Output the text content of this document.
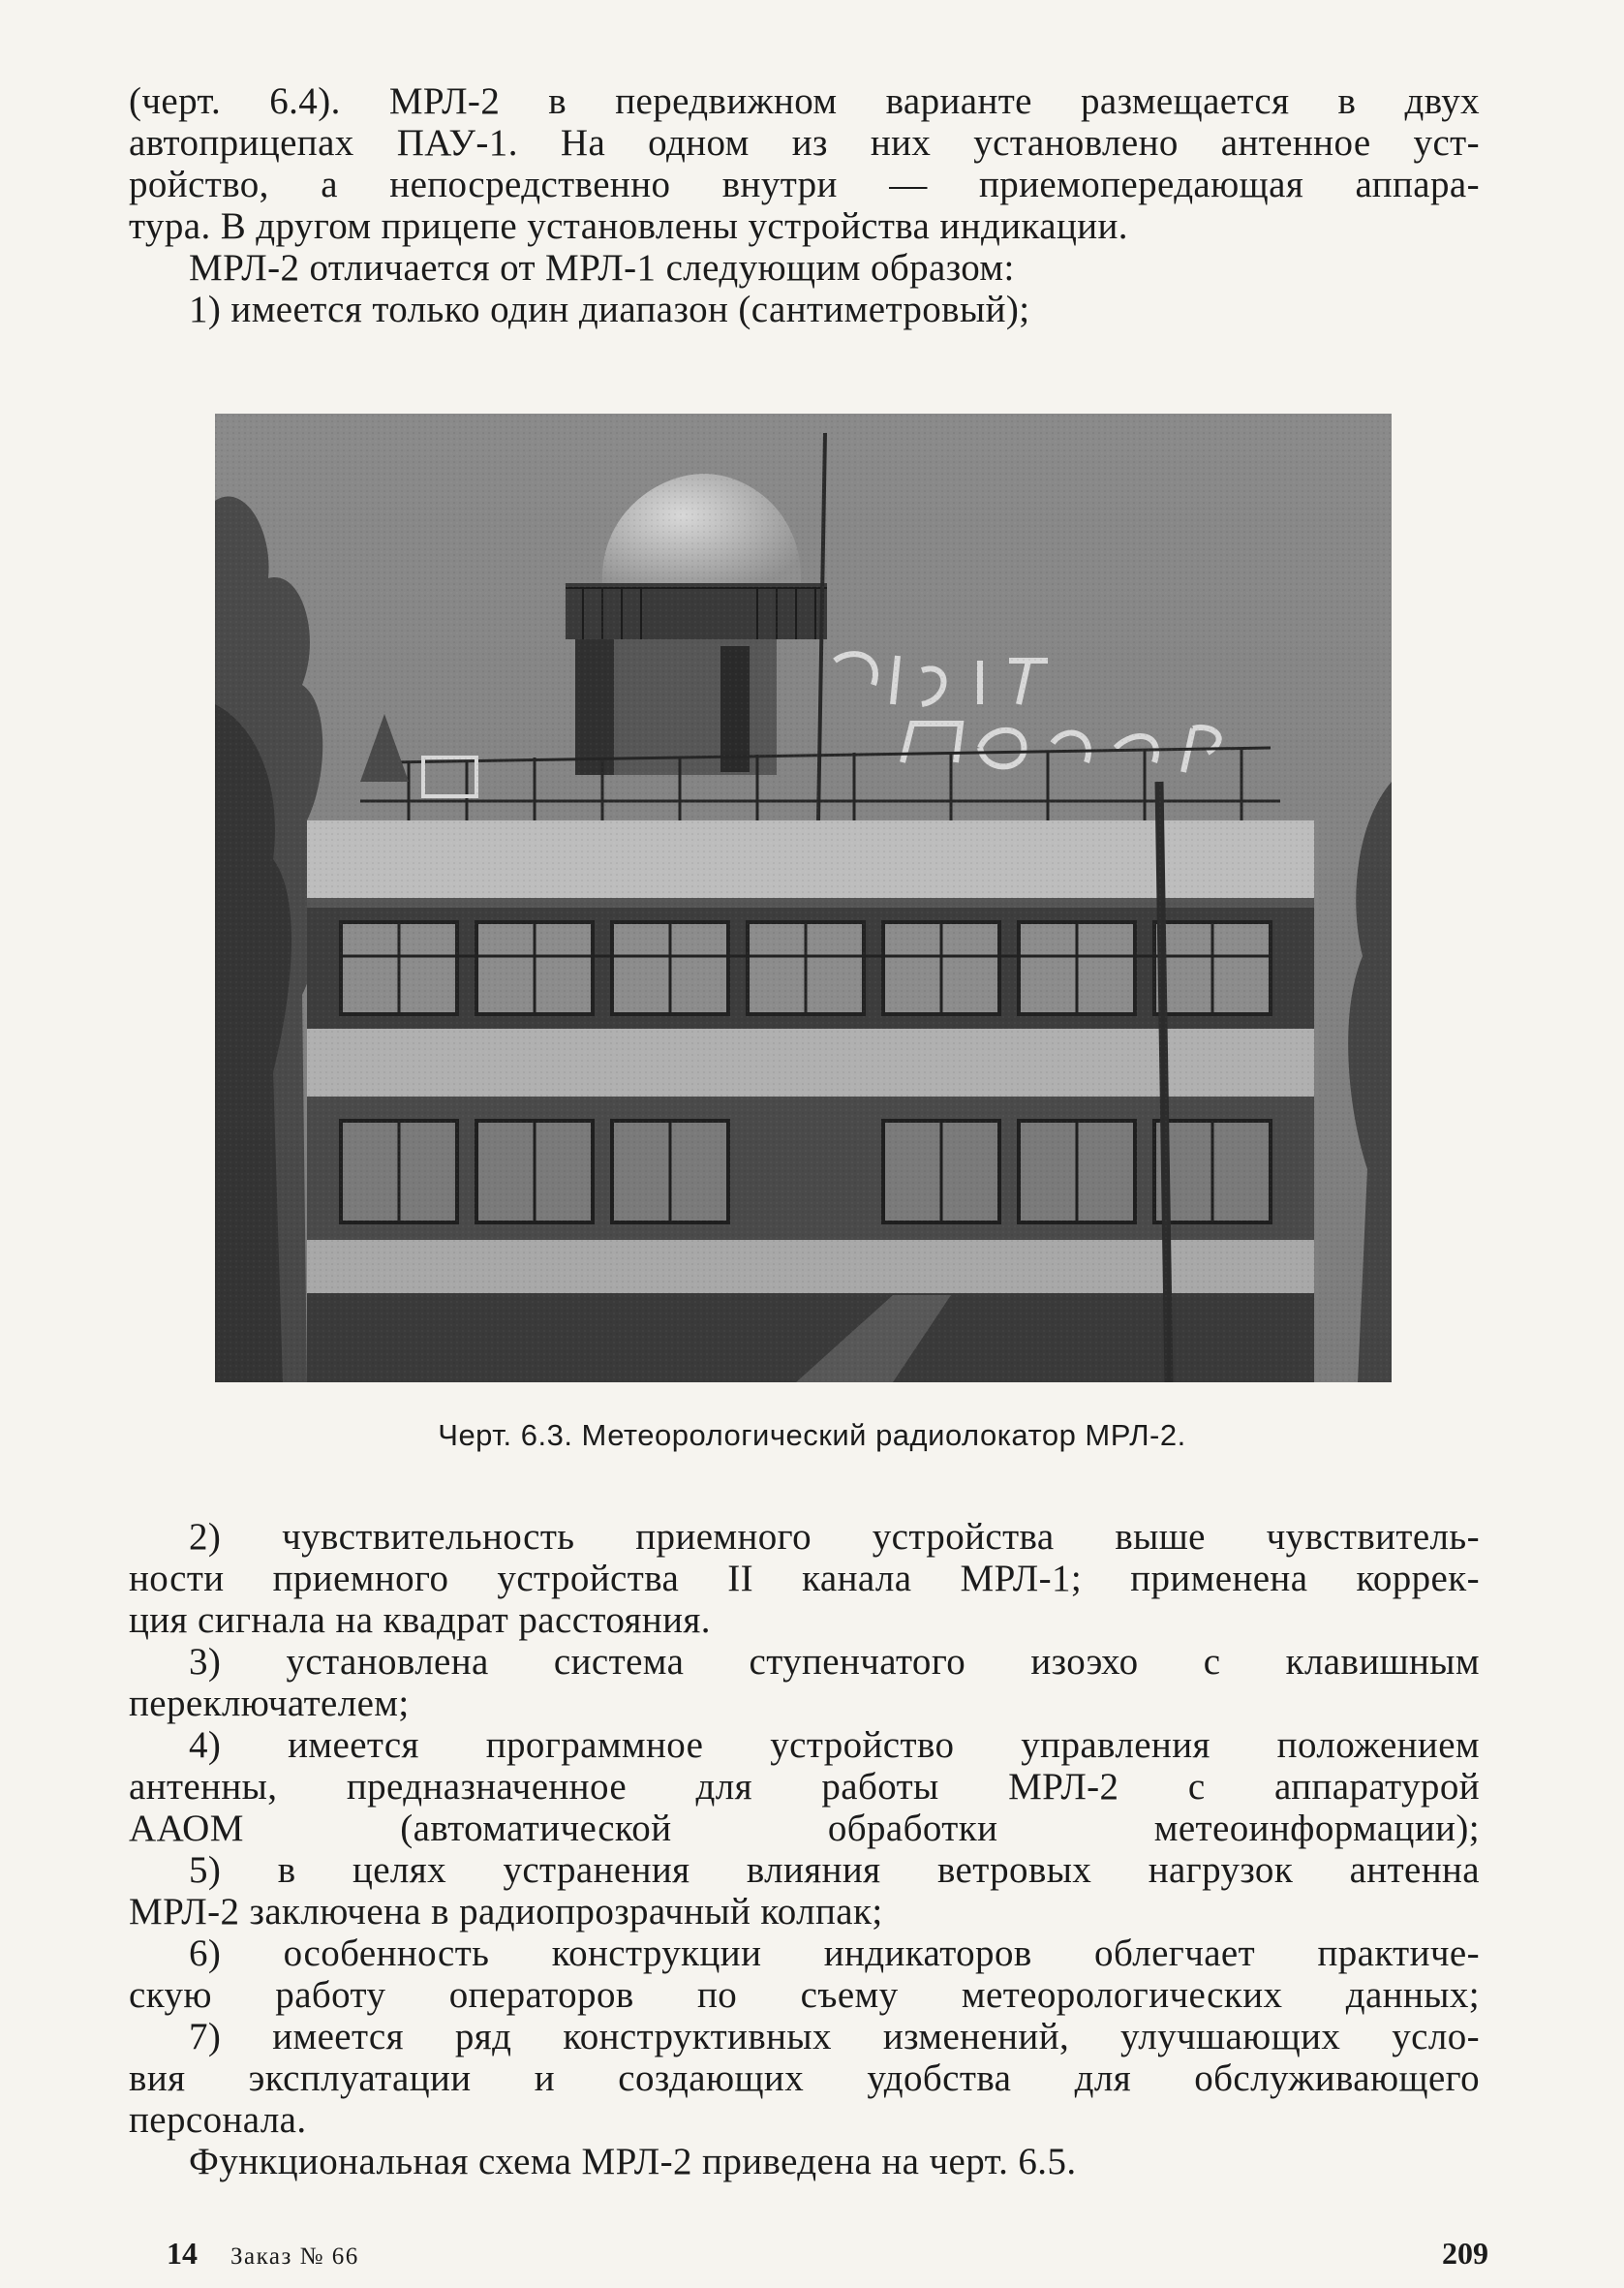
(черт. 6.4). МРЛ-2 в передвижном варианте размещается в двух
автоприцепах ПАУ-1. На одном из них установлено антенное уст-
ройство, а непосредственно внутри — приемопередающая аппара-
тура. В другом прицепе установлены устройства индикации.
МРЛ-2 отличается от МРЛ-1 следующим образом:
1) имеется только один диапазон (сантиметровый);
Черт. 6.3. Метеорологический радиолокатор МРЛ-2.
2) чувствительность приемного устройства выше чувствитель-
ности приемного устройства II канала МРЛ-1; применена коррек-
ция сигнала на квадрат расстояния.
3) установлена система ступенчатого изоэхо с клавишным
переключателем;
4) имеется программное устройство управления положением
антенны, предназначенное для работы МРЛ-2 с аппаратурой
ААОМ (автоматической обработки метеоинформации);
5) в целях устранения влияния ветровых нагрузок антенна
МРЛ-2 заключена в радиопрозрачный колпак;
6) особенность конструкции индикаторов облегчает практиче-
скую работу операторов по съему метеорологических данных;
7) имеется ряд конструктивных изменений, улучшающих усло-
вия эксплуатации и создающих удобства для обслуживающего
персонала.
Функциональная схема МРЛ-2 приведена на черт. 6.5.
14 Заказ № 66	209
